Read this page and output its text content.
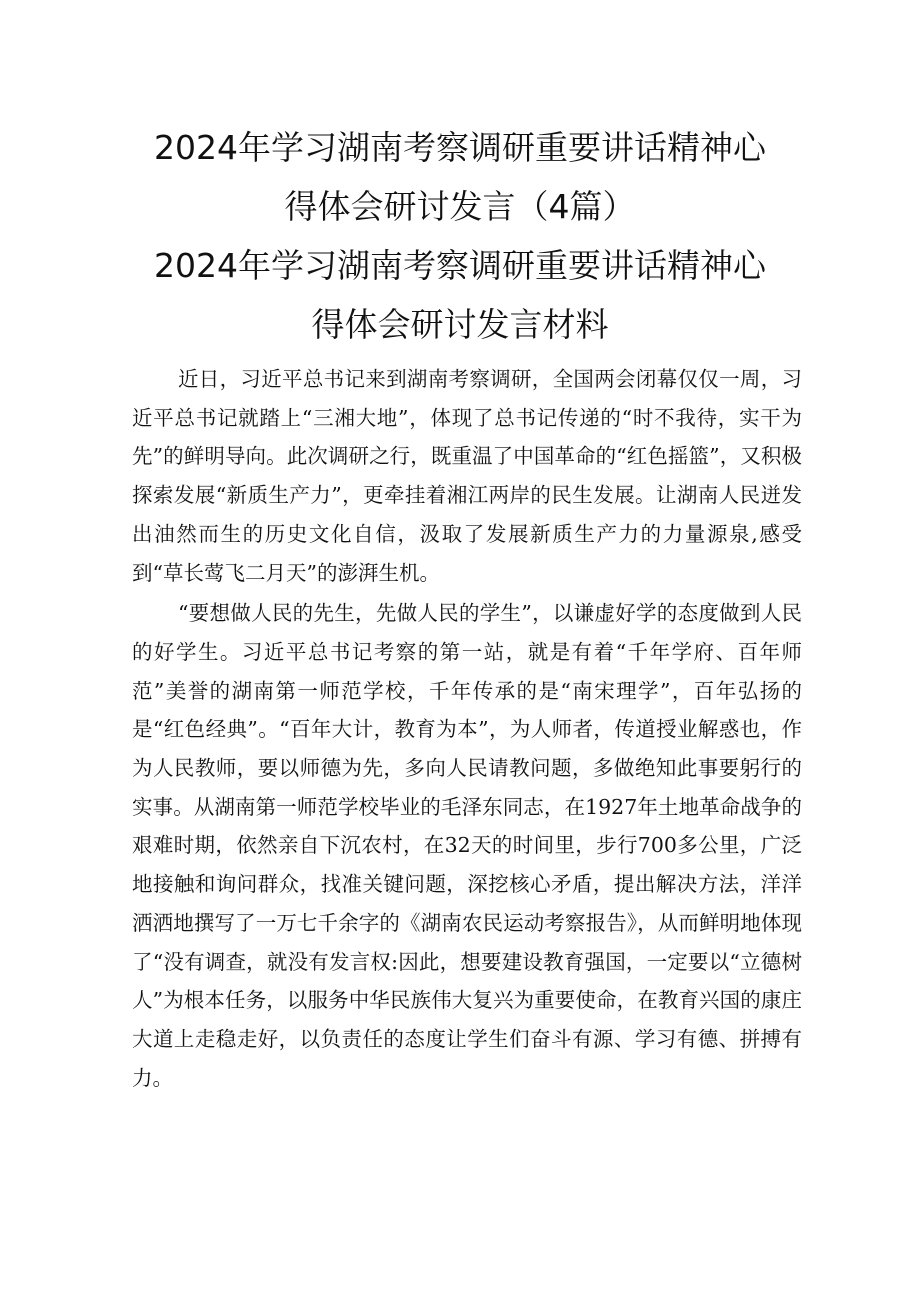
2024年学习湖南考察调研重要讲话精神心
得体会研讨发言（4篇）
2024年学习湖南考察调研重要讲话精神心
得体会研讨发言材料

近日，习近平总书记来到湖南考察调研，全国两会闭幕仅仅一周，习近平总书记就踏上“三湘大地”，体现了总书记传递的“时不我待，实干为先”的鲜明导向。此次调研之行，既重温了中国革命的“红色摇篮”，又积极探索发展“新质生产力”，更牵挂着湘江两岸的民生发展。让湖南人民迸发出油然而生的历史文化自信，汲取了发展新质生产力的力量源泉,感受到“草长莺飞二月天”的澎湃生机。

“要想做人民的先生，先做人民的学生”，以谦虚好学的态度做到人民的好学生。习近平总书记考察的第一站，就是有着“千年学府、百年师范”美誉的湖南第一师范学校，千年传承的是“南宋理学”，百年弘扬的是“红色经典”。“百年大计，教育为本”，为人师者，传道授业解惑也，作为人民教师，要以师德为先，多向人民请教问题，多做绝知此事要躬行的实事。从湖南第一师范学校毕业的毛泽东同志，在1927年土地革命战争的艰难时期，依然亲自下沉农村，在32天的时间里，步行700多公里，广泛地接触和询问群众，找准关键问题，深挖核心矛盾，提出解决方法，洋洋洒洒地撰写了一万七千余字的《湖南农民运动考察报告》，从而鲜明地体现了“没有调查，就没有发言权:因此，想要建设教育强国，一定要以“立德树人”为根本任务，以服务中华民族伟大复兴为重要使命，在教育兴国的康庄大道上走稳走好，以负责任的态度让学生们奋斗有源、学习有德、拼搏有力。
